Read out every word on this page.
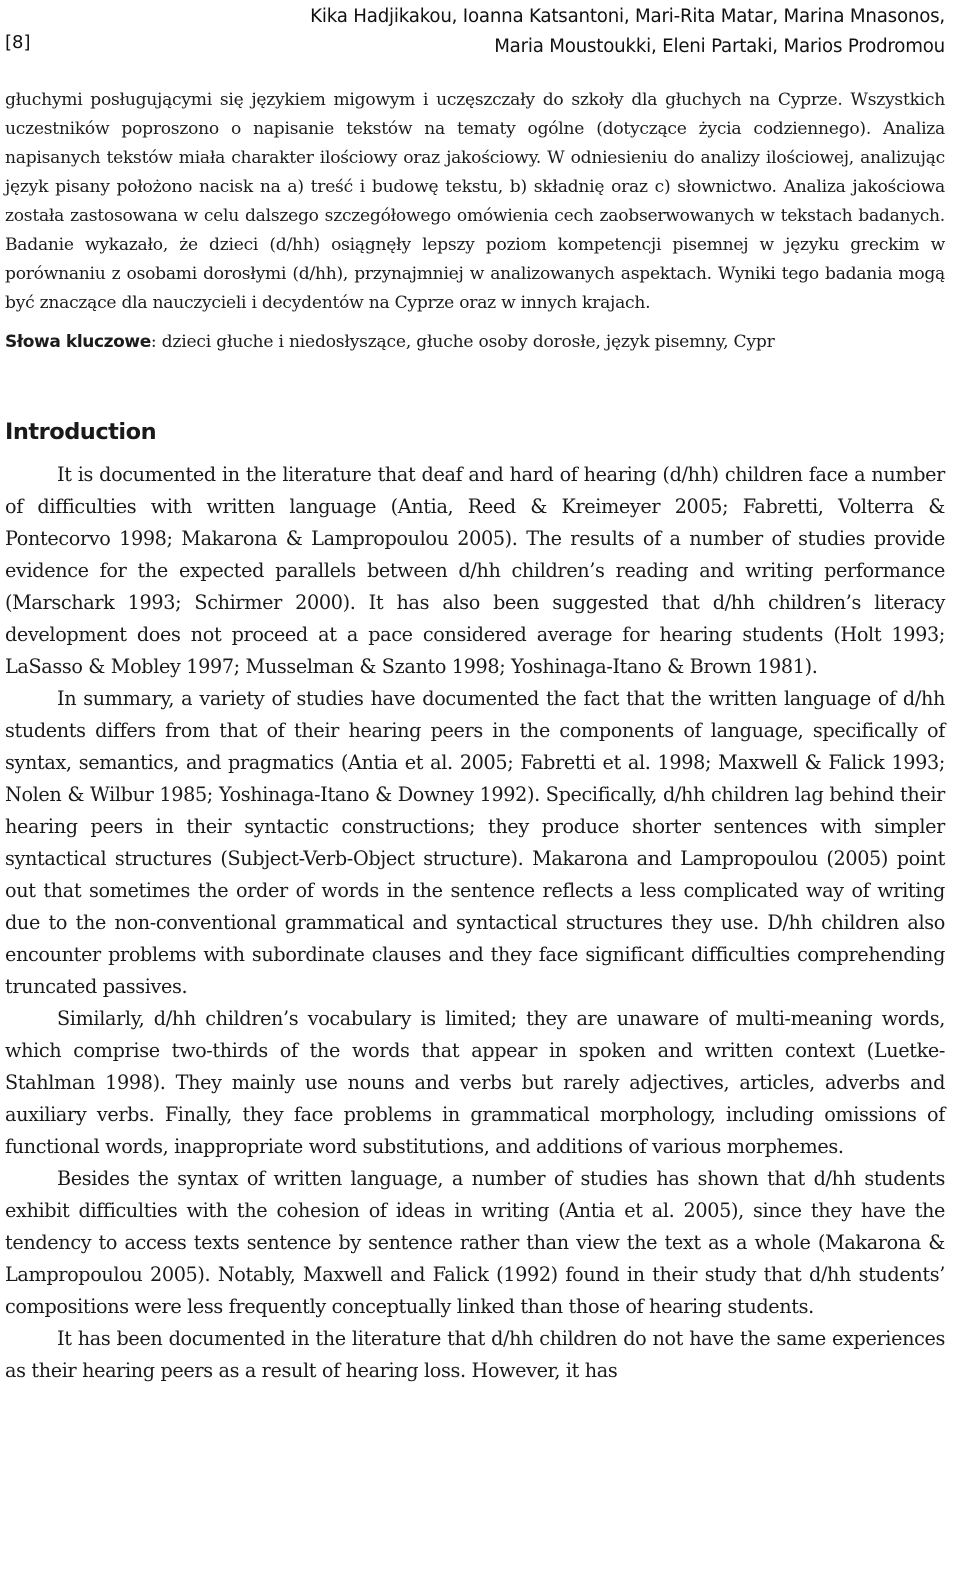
[8]
Kika Hadjikakou, Ioanna Katsantoni, Mari-Rita Matar, Marina Mnasonos,
Maria Moustoukki, Eleni Partaki, Marios Prodromou

głuchymi posługującymi się językiem migowym i uczęszczały do szkoły dla głuchych na Cyprze. Wszystkich uczestników poproszono o napisanie tekstów na tematy ogólne (dotyczące życia codziennego). Analiza napisanych tekstów miała charakter ilościowy oraz jakościowy. W odniesieniu do analizy ilościowej, analizując język pisany położono nacisk na a) treść i budowę tekstu, b) składnię oraz c) słownictwo. Analiza jakościowa została zastosowana w celu dalszego szczegółowego omówienia cech zaobserwowanych w tekstach badanych. Badanie wykazało, że dzieci (d/hh) osiągnęły lepszy poziom kompetencji pisemnej w języku greckim w porównaniu z osobami dorosłymi (d/hh), przynajmniej w analizowanych aspektach. Wyniki tego badania mogą być znaczące dla nauczycieli i decydentów na Cyprze oraz w innych krajach.

Słowa kluczowe: dzieci głuche i niedosłyszące, głuche osoby dorosłe, język pisemny, Cypr
Introduction

It is documented in the literature that deaf and hard of hearing (d/hh) children face a number of difficulties with written language (Antia, Reed & Kreimeyer 2005; Fabretti, Volterra & Pontecorvo 1998; Makarona & Lampropoulou 2005). The results of a number of studies provide evidence for the expected parallels between d/hh children’s reading and writing performance (Marschark 1993; Schirmer 2000). It has also been suggested that d/hh children’s literacy development does not proceed at a pace considered average for hearing students (Holt 1993; LaSasso & Mobley 1997; Musselman & Szanto 1998; Yoshinaga-Itano & Brown 1981).

In summary, a variety of studies have documented the fact that the written language of d/hh students differs from that of their hearing peers in the components of language, specifically of syntax, semantics, and pragmatics (Antia et al. 2005; Fabretti et al. 1998; Maxwell & Falick 1993; Nolen & Wilbur 1985; Yoshinaga-Itano & Downey 1992). Specifically, d/hh children lag behind their hearing peers in their syntactic constructions; they produce shorter sentences with simpler syntactical structures (Subject-Verb-Object structure). Makarona and Lampropoulou (2005) point out that sometimes the order of words in the sentence reflects a less complicated way of writing due to the non-conventional grammatical and syntactical structures they use. D/hh children also encounter problems with subordinate clauses and they face significant difficulties comprehending truncated passives.

Similarly, d/hh children’s vocabulary is limited; they are unaware of multi-meaning words, which comprise two-thirds of the words that appear in spoken and written context (Luetke-Stahlman 1998). They mainly use nouns and verbs but rarely adjectives, articles, adverbs and auxiliary verbs. Finally, they face problems in grammatical morphology, including omissions of functional words, inappropriate word substitutions, and additions of various morphemes.

Besides the syntax of written language, a number of studies has shown that d/hh students exhibit difficulties with the cohesion of ideas in writing (Antia et al. 2005), since they have the tendency to access texts sentence by sentence rather than view the text as a whole (Makarona & Lampropoulou 2005). Notably, Maxwell and Falick (1992) found in their study that d/hh students’ compositions were less frequently conceptually linked than those of hearing students.

It has been documented in the literature that d/hh children do not have the same experiences as their hearing peers as a result of hearing loss. However, it has
